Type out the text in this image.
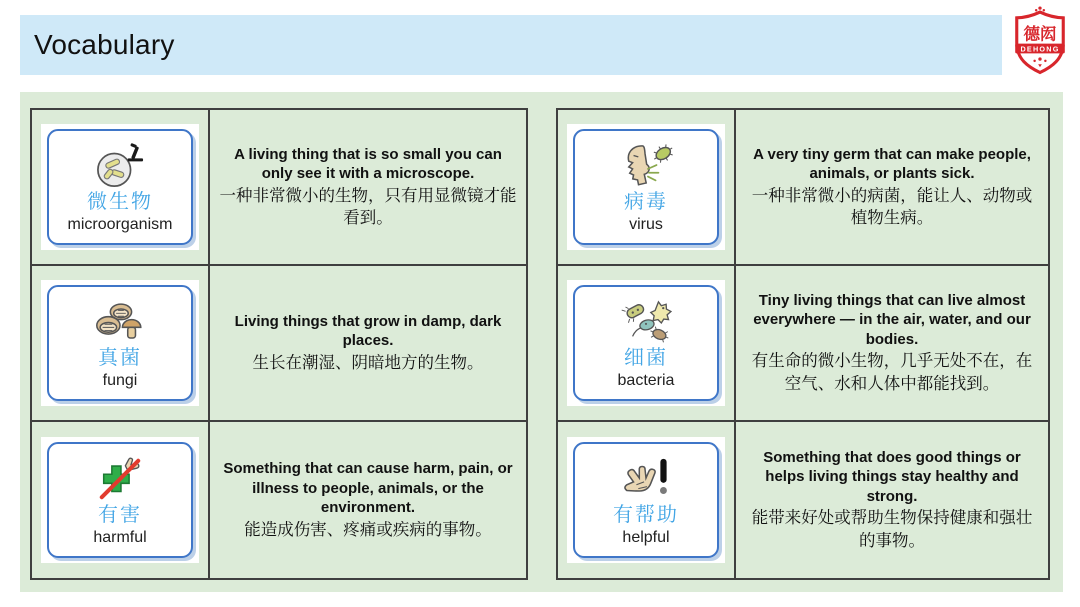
Vocabulary	德闳
DEHONG
微生物
microorganism
A living thing that is so small you can only see it with a microscope.
一种非常微小的生物，只有用显微镜才能看到。
真菌
fungi
Living things that grow in damp, dark places.
生长在潮湿、阴暗地方的生物。
有害
harmful
Something that can cause harm, pain, or illness to people, animals, or the environment.
能造成伤害、疼痛或疾病的事物。
病毒
virus
A very tiny germ that can make people, animals, or plants sick.
一种非常微小的病菌，能让人、动物或植物生病。
细菌
bacteria
Tiny living things that can live almost everywhere — in the air, water, and our bodies.
有生命的微小生物，几乎无处不在，在空气、水和人体中都能找到。
有帮助
helpful
Something that does good things or helps living things stay healthy and strong.
能带来好处或帮助生物保持健康和强壮的事物。
